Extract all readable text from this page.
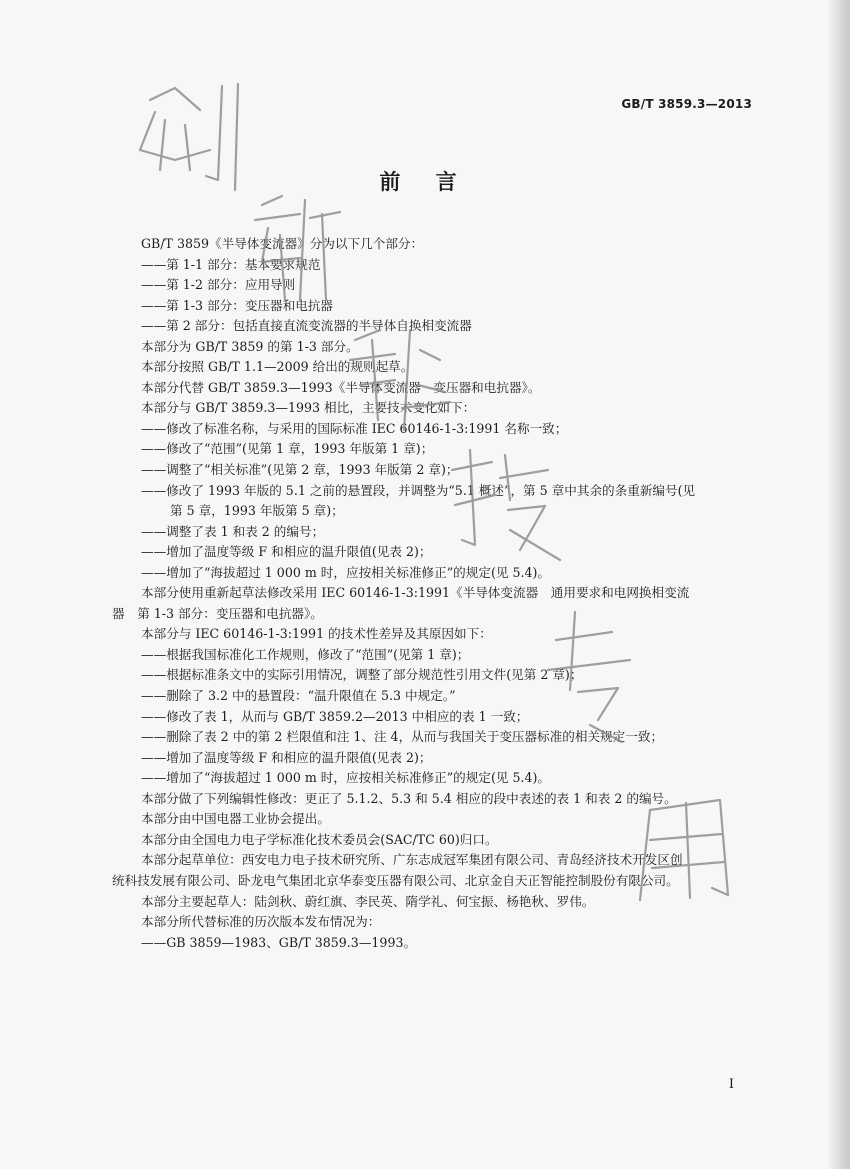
GB/T 3859.3—2013
前 言
GB/T 3859《半导体变流器》分为以下几个部分：
——第 1-1 部分：基本要求规范
——第 1-2 部分：应用导则
——第 1-3 部分：变压器和电抗器
——第 2 部分：包括直接直流变流器的半导体自换相变流器
本部分为 GB/T 3859 的第 1-3 部分。
本部分按照 GB/T 1.1—2009 给出的规则起草。
本部分代替 GB/T 3859.3—1993《半导体变流器　变压器和电抗器》。
本部分与 GB/T 3859.3—1993 相比，主要技术变化如下：
——修改了标准名称，与采用的国际标准 IEC 60146-1-3:1991 名称一致；
——修改了“范围”(见第 1 章，1993 年版第 1 章)；
——调整了“相关标准”(见第 2 章，1993 年版第 2 章)；
——修改了 1993 年版的 5.1 之前的悬置段，并调整为“5.1 概述”，第 5 章中其余的条重新编号(见
第 5 章，1993 年版第 5 章)；
——调整了表 1 和表 2 的编号；
——增加了温度等级 F 和相应的温升限值(见表 2)；
——增加了“海拔超过 1 000 m 时，应按相关标准修正”的规定(见 5.4)。
本部分使用重新起草法修改采用 IEC 60146-1-3:1991《半导体变流器　通用要求和电网换相变流
器　第 1-3 部分：变压器和电抗器》。
本部分与 IEC 60146-1-3:1991 的技术性差异及其原因如下：
——根据我国标准化工作规则，修改了“范围”(见第 1 章)；
——根据标准条文中的实际引用情况，调整了部分规范性引用文件(见第 2 章)；
——删除了 3.2 中的悬置段：“温升限值在 5.3 中规定。”
——修改了表 1，从而与 GB/T 3859.2—2013 中相应的表 1 一致；
——删除了表 2 中的第 2 栏限值和注 1、注 4，从而与我国关于变压器标准的相关规定一致；
——增加了温度等级 F 和相应的温升限值(见表 2)；
——增加了“海拔超过 1 000 m 时，应按相关标准修正”的规定(见 5.4)。
本部分做了下列编辑性修改：更正了 5.1.2、5.3 和 5.4 相应的段中表述的表 1 和表 2 的编号。
本部分由中国电器工业协会提出。
本部分由全国电力电子学标准化技术委员会(SAC/TC 60)归口。
本部分起草单位：西安电力电子技术研究所、广东志成冠军集团有限公司、青岛经济技术开发区创
统科技发展有限公司、卧龙电气集团北京华泰变压器有限公司、北京金自天正智能控制股份有限公司。
本部分主要起草人：陆剑秋、蔚红旗、李民英、隋学礼、何宝振、杨艳秋、罗伟。
本部分所代替标准的历次版本发布情况为：
——GB 3859—1983、GB/T 3859.3—1993。
I
